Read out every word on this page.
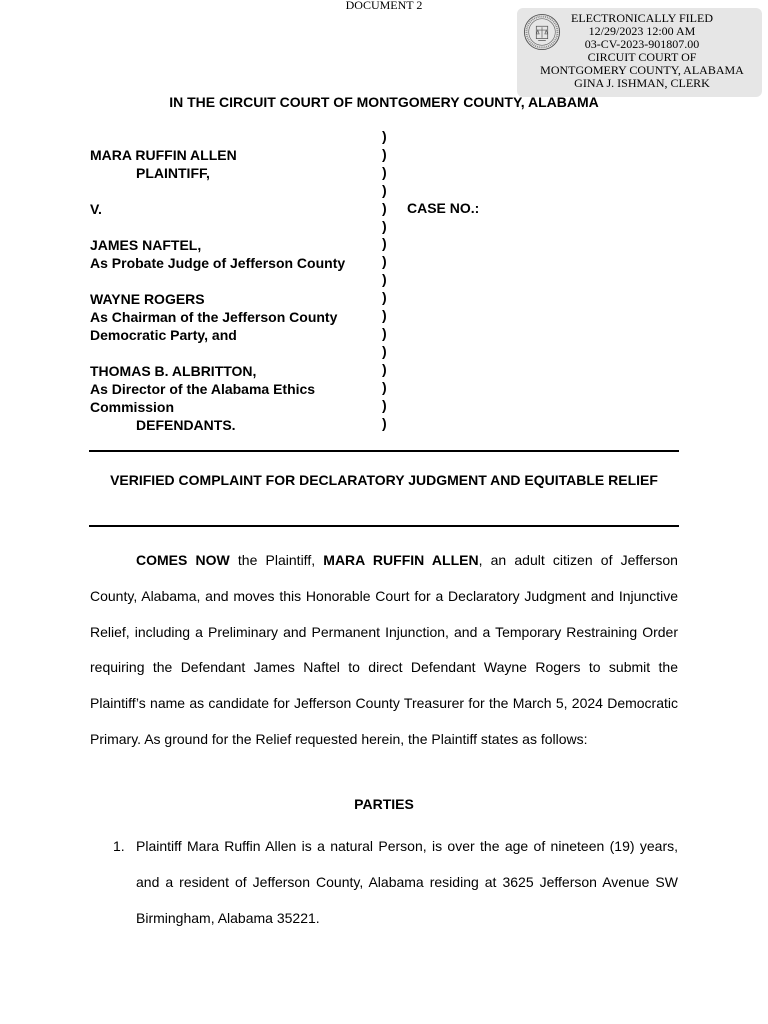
DOCUMENT 2
ELECTRONICALLY FILED
12/29/2023 12:00 AM
03-CV-2023-901807.00
CIRCUIT COURT OF
MONTGOMERY COUNTY, ALABAMA
GINA J. ISHMAN, CLERK
IN THE CIRCUIT COURT OF MONTGOMERY COUNTY, ALABAMA
MARA RUFFIN ALLEN
PLAINTIFF,
V.
JAMES NAFTEL,
As Probate Judge of Jefferson County
WAYNE ROGERS
As Chairman of the Jefferson County
Democratic Party, and
THOMAS B. ALBRITTON,
As Director of the Alabama Ethics
Commission
DEFENDANTS.
)
)
)
)
)
)
)
)
)
)
)
)
)
)
)
)
)
CASE NO.:
VERIFIED COMPLAINT FOR DECLARATORY JUDGMENT AND EQUITABLE RELIEF

COMES NOW the Plaintiff, MARA RUFFIN ALLEN, an adult citizen of Jefferson County, Alabama, and moves this Honorable Court for a Declaratory Judgment and Injunctive Relief, including a Preliminary and Permanent Injunction, and a Temporary Restraining Order requiring the Defendant James Naftel to direct Defendant Wayne Rogers to submit the Plaintiff’s name as candidate for Jefferson County Treasurer for the March 5, 2024 Democratic Primary. As ground for the Relief requested herein, the Plaintiff states as follows:

PARTIES
1. Plaintiff Mara Ruffin Allen is a natural Person, is over the age of nineteen (19) years, and a resident of Jefferson County, Alabama residing at 3625 Jefferson Avenue SW Birmingham, Alabama 35221.
